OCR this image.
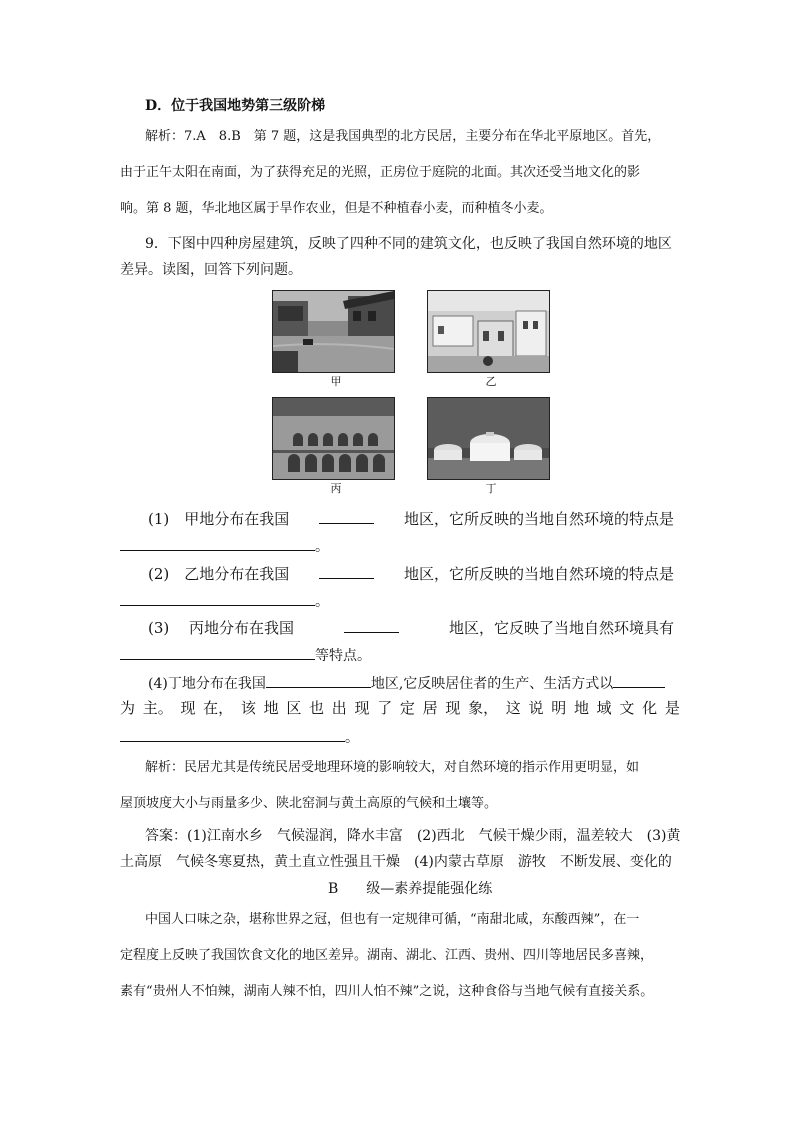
D．位于我国地势第三级阶梯
解析：7.A　8.B　第 7 题，这是我国典型的北方民居，主要分布在华北平原地区。首先，
由于正午太阳在南面，为了获得充足的光照，正房位于庭院的北面。其次还受当地文化的影
响。第 8 题，华北地区属于旱作农业，但是不种植春小麦，而种植冬小麦。
9．下图中四种房屋建筑，反映了四种不同的建筑文化，也反映了我国自然环境的地区
差异。读图，回答下列问题。
甲	乙
丙	丁
(1)　甲地分布在我国	地区，它所反映的当地自然环境的特点是
。
(2)　乙地分布在我国	地区，它所反映的当地自然环境的特点是
。
(3)　 丙地分布在我国	地区，它反映了当地自然环境具有
等特点。
(4)丁地分布在我国	地区,它反映居住者的生产、生活方式以
为 主。 现 在， 该 地 区 也 出 现 了 定 居 现 象， 这 说 明 地 域 文 化 是
。
解析：民居尤其是传统民居受地理环境的影响较大，对自然环境的指示作用更明显，如
屋顶坡度大小与雨量多少、陕北窑洞与黄土高原的气候和土壤等。
答案：(1)江南水乡　气候湿润，降水丰富　(2)西北　气候干燥少雨，温差较大　(3)黄
土高原　气候冬寒夏热，黄土直立性强且干燥　(4)内蒙古草原　游牧　不断发展、变化的
B　　级—素养提能强化练
中国人口味之杂，堪称世界之冠，但也有一定规律可循，“南甜北咸，东酸西辣”，在一
定程度上反映了我国饮食文化的地区差异。湖南、湖北、江西、贵州、四川等地居民多喜辣，
素有“贵州人不怕辣，湖南人辣不怕，四川人怕不辣”之说，这种食俗与当地气候有直接关系。
